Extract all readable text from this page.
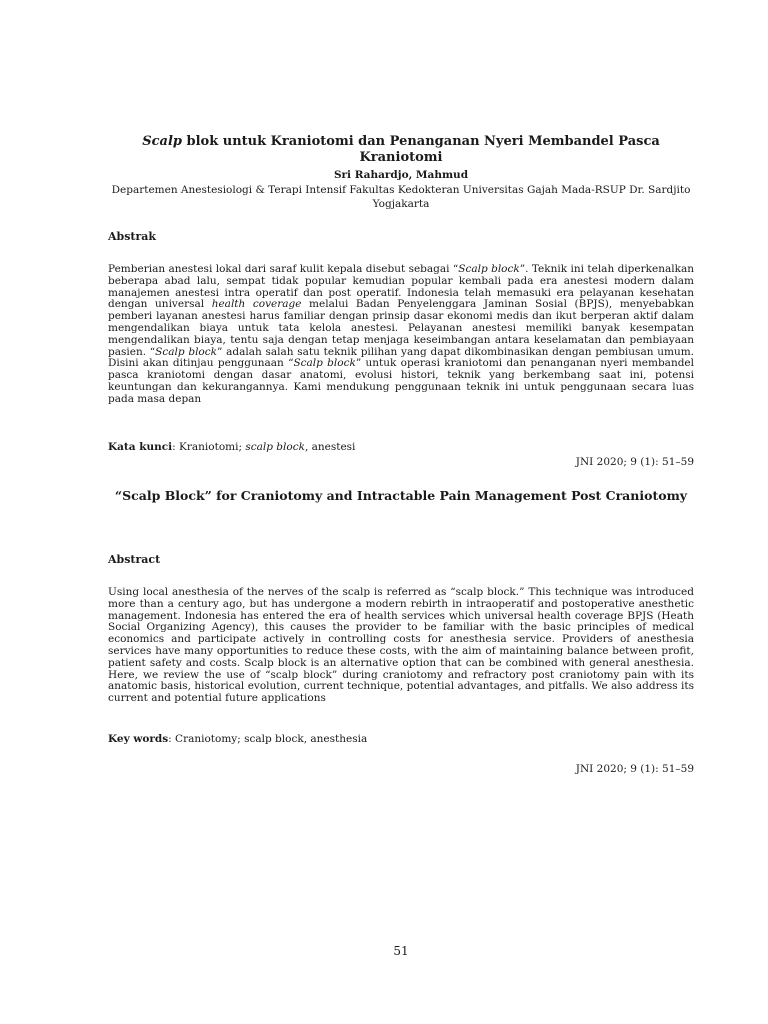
Scalp blok untuk Kraniotomi dan Penanganan Nyeri Membandel Pasca Kraniotomi
Sri Rahardjo, Mahmud
Departemen Anestesiologi & Terapi Intensif Fakultas Kedokteran Universitas Gajah Mada-RSUP Dr. Sardjito
Yogjakarta
Abstrak

Pemberian anestesi lokal dari saraf kulit kepala disebut sebagai “Scalp block”. Teknik ini telah diperkenalkan beberapa abad lalu, sempat tidak popular kemudian popular kembali pada era anestesi modern dalam manajemen anestesi intra operatif dan post operatif. Indonesia telah memasuki era pelayanan kesehatan dengan universal health coverage melalui Badan Penyelenggara Jaminan Sosial (BPJS), menyebabkan pemberi layanan anestesi harus familiar dengan prinsip dasar ekonomi medis dan ikut berperan aktif dalam mengendalikan biaya untuk tata kelola anestesi. Pelayanan anestesi memiliki banyak kesempatan mengendalikan biaya, tentu saja dengan tetap menjaga keseimbangan antara keselamatan dan pembiayaan pasien. “Scalp block” adalah salah satu teknik pilihan yang dapat dikombinasikan dengan pembiusan umum. Disini akan ditinjau penggunaan “Scalp block” untuk operasi kraniotomi dan penanganan nyeri membandel pasca kraniotomi dengan dasar anatomi, evolusi histori, teknik yang berkembang saat ini, potensi keuntungan dan kekurangannya. Kami mendukung penggunaan teknik ini untuk penggunaan secara luas pada masa depan

Kata kunci: Kraniotomi; scalp block, anestesi
JNI 2020; 9 (1): 51–59
“Scalp Block” for Craniotomy and Intractable Pain Management Post Craniotomy
Abstract

Using local anesthesia of the nerves of the scalp is referred as “scalp block.” This technique was introduced more than a century ago, but has undergone a modern rebirth in intraoperatif and postoperative anesthetic management. Indonesia has entered the era of health services which universal health coverage BPJS (Heath Social Organizing Agency), this causes the provider to be familiar with the basic principles of medical economics and participate actively in controlling costs for anesthesia service. Providers of anesthesia services have many opportunities to reduce these costs, with the aim of maintaining balance between profit, patient safety and costs. Scalp block is an alternative option that can be combined with general anesthesia. Here, we review the use of “scalp block” during craniotomy and refractory post craniotomy pain with its anatomic basis, historical evolution, current technique, potential advantages, and pitfalls. We also address its current and potential future applications

Key words: Craniotomy; scalp block, anesthesia
JNI 2020; 9 (1): 51–59
51
